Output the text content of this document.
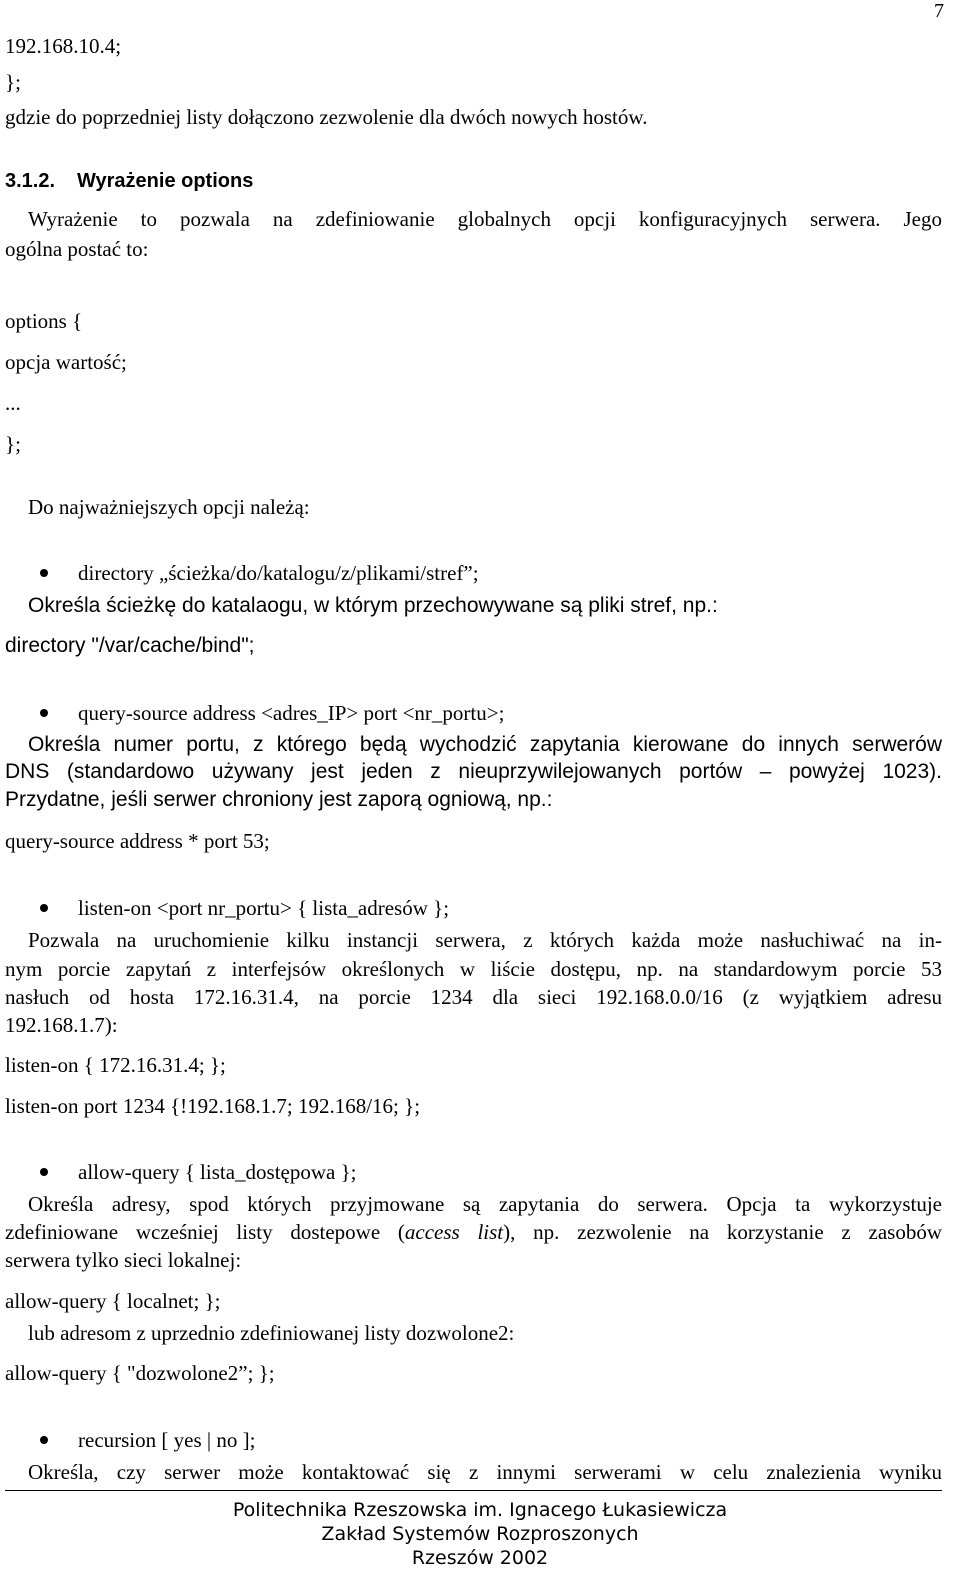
7
192.168.10.4;
};
gdzie do poprzedniej listy dołączono zezwolenie dla dwóch nowych hostów.
3.1.2. Wyrażenie options
Wyrażenie to pozwala na zdefiniowanie globalnych opcji konfiguracyjnych serwera. Jego
ogólna postać to:
options {
opcja wartość;
...
};
Do najważniejszych opcji należą:
directory „ścieżka/do/katalogu/z/plikami/stref”;
Określa ścieżkę do katalaogu, w którym przechowywane są pliki stref, np.:
directory "/var/cache/bind";
query-source address <adres_IP> port <nr_portu>;
Określa numer portu, z którego będą wychodzić zapytania kierowane do innych serwerów
DNS (standardowo używany jest jeden z nieuprzywilejowanych portów – powyżej 1023).
Przydatne, jeśli serwer chroniony jest zaporą ogniową, np.:
query-source address * port 53;
listen-on <port nr_portu> { lista_adresów };
Pozwala na uruchomienie kilku instancji serwera, z których każda może nasłuchiwać na in-
nym porcie zapytań z interfejsów określonych w liście dostępu, np. na standardowym porcie 53
nasłuch od hosta 172.16.31.4, na porcie 1234 dla sieci 192.168.0.0/16 (z wyjątkiem adresu
192.168.1.7):
listen-on { 172.16.31.4; };
listen-on port 1234 {!192.168.1.7; 192.168/16; };
allow-query { lista_dostępowa };
Określa adresy, spod których przyjmowane są zapytania do serwera. Opcja ta wykorzystuje
zdefiniowane wcześniej listy dostepowe (access list), np. zezwolenie na korzystanie z zasobów
serwera tylko sieci lokalnej:
allow-query { localnet; };
lub adresom z uprzednio zdefiniowanej listy dozwolone2:
allow-query { "dozwolone2”; };
recursion [ yes | no ];
Określa, czy serwer może kontaktować się z innymi serwerami w celu znalezienia wyniku
Politechnika Rzeszowska im. Ignacego Łukasiewicza
Zakład Systemów Rozproszonych
Rzeszów 2002
